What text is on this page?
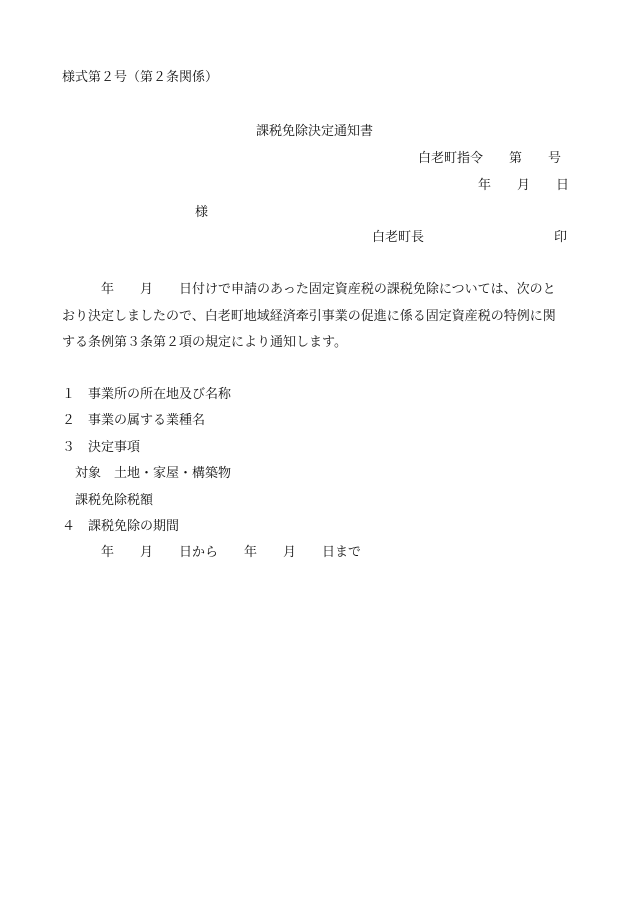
様式第２号（第２条関係）
課税免除決定通知書
白老町指令　　第　　号
年　　月　　日
様
白老町長　　　　　　　　　　印
　　　年　　月　　日付けで申請のあった固定資産税の課税免除については、次のと
おり決定しましたので、白老町地域経済牽引事業の促進に係る固定資産税の特例に関
する条例第３条第２項の規定により通知します。
１　事業所の所在地及び名称
２　事業の属する業種名
３　決定事項
　対象　土地・家屋・構築物
　課税免除税額
４　課税免除の期間
　　　年　　月　　日から　　年　　月　　日まで
